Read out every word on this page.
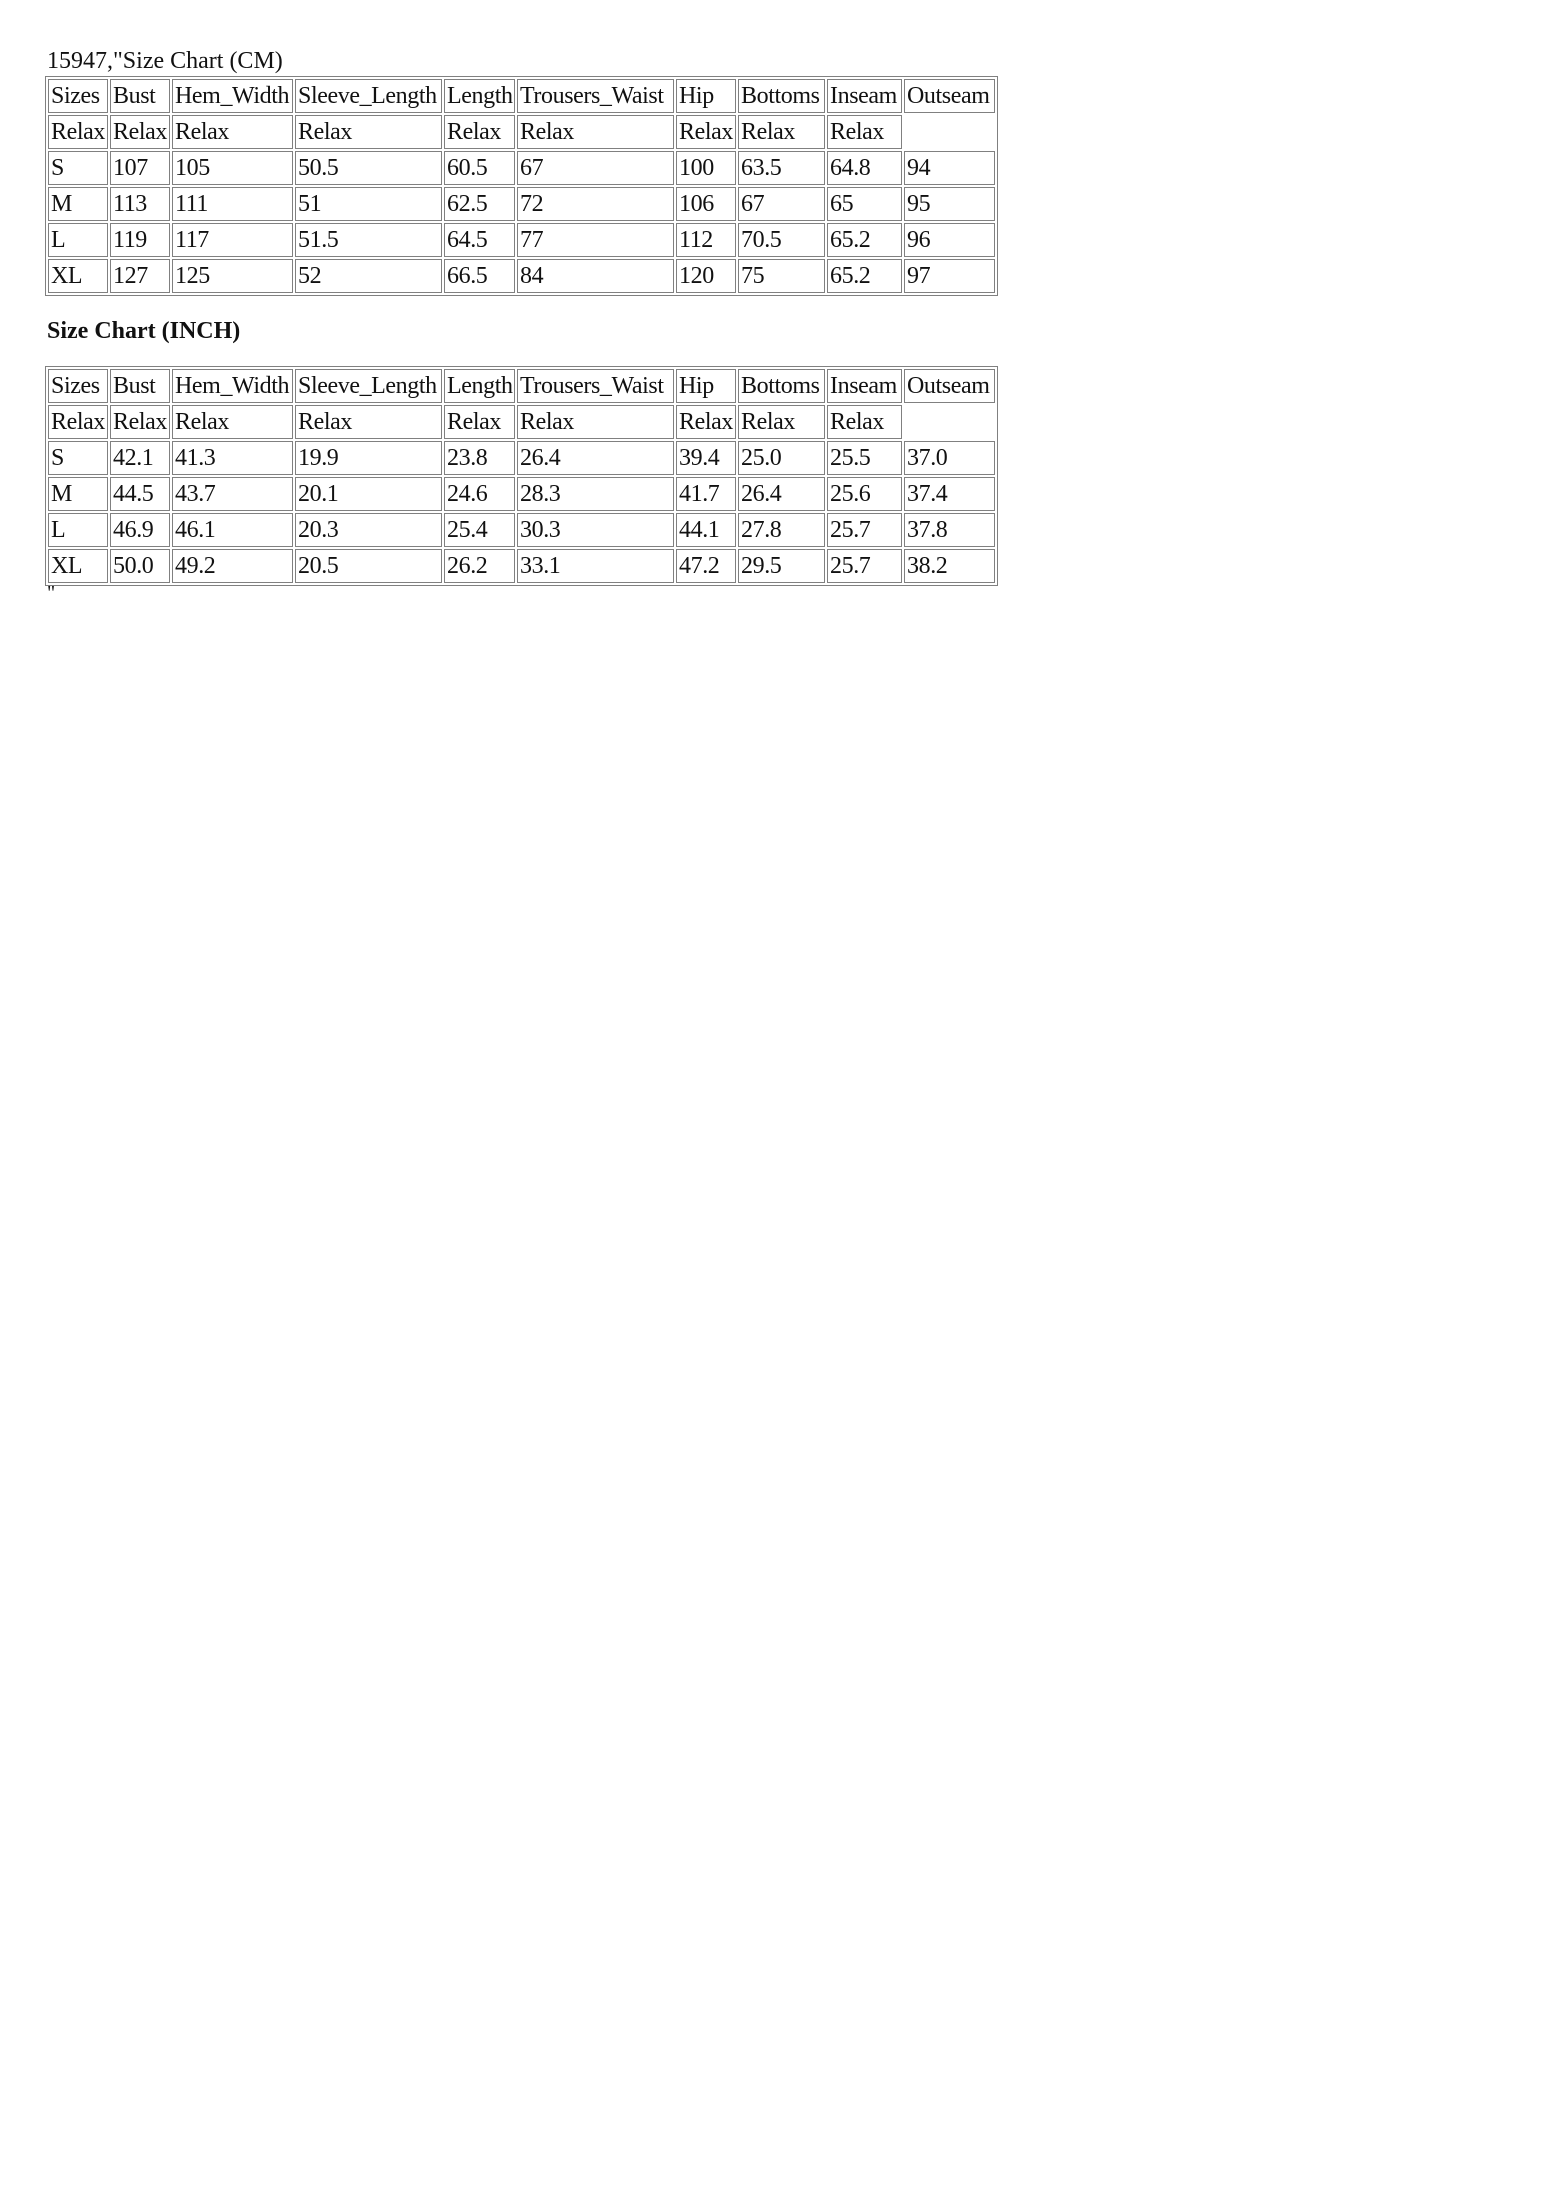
15947,"Size Chart (CM)
Sizes	Bust	Hem_Width	Sleeve_Length	Length	Trousers_Waist	Hip	Bottoms	Inseam	Outseam
Relax	Relax	Relax	Relax	Relax	Relax	Relax	Relax	Relax	
S	107	105	50.5	60.5	67	100	63.5	64.8	94
M	113	111	51	62.5	72	106	67	65	95
L	119	117	51.5	64.5	77	112	70.5	65.2	96
XL	127	125	52	66.5	84	120	75	65.2	97
Size Chart (INCH)
Sizes	Bust	Hem_Width	Sleeve_Length	Length	Trousers_Waist	Hip	Bottoms	Inseam	Outseam
Relax	Relax	Relax	Relax	Relax	Relax	Relax	Relax	Relax	
S	42.1	41.3	19.9	23.8	26.4	39.4	25.0	25.5	37.0
M	44.5	43.7	20.1	24.6	28.3	41.7	26.4	25.6	37.4
L	46.9	46.1	20.3	25.4	30.3	44.1	27.8	25.7	37.8
XL	50.0	49.2	20.5	26.2	33.1	47.2	29.5	25.7	38.2
"
